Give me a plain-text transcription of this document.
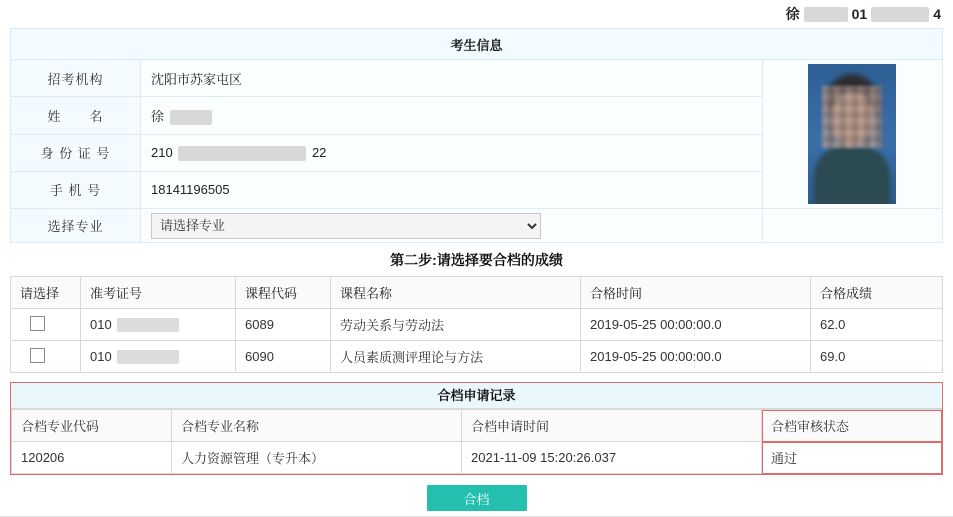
徐	01	4
考生信息		
招考机构	沈阳市苏家屯区	

姓　　名	徐	
身 份 证 号	210 22	
手 机 号	18141196505	
选择专业	
请选择专业	
第二步:请选择要合档的成绩
请选择	准考证号	课程代码	课程名称	合格时间	合格成绩
	010	6089	劳动关系与劳动法	2019-05-25 00:00:00.0	62.0
	010	6090	人员素质测评理论与方法	2019-05-25 00:00:00.0	69.0
合档申请记录
合档专业代码	合档专业名称	合档申请时间	合档审核状态
120206	人力资源管理（专升本）	2021-11-09 15:20:26.037	通过
合档
